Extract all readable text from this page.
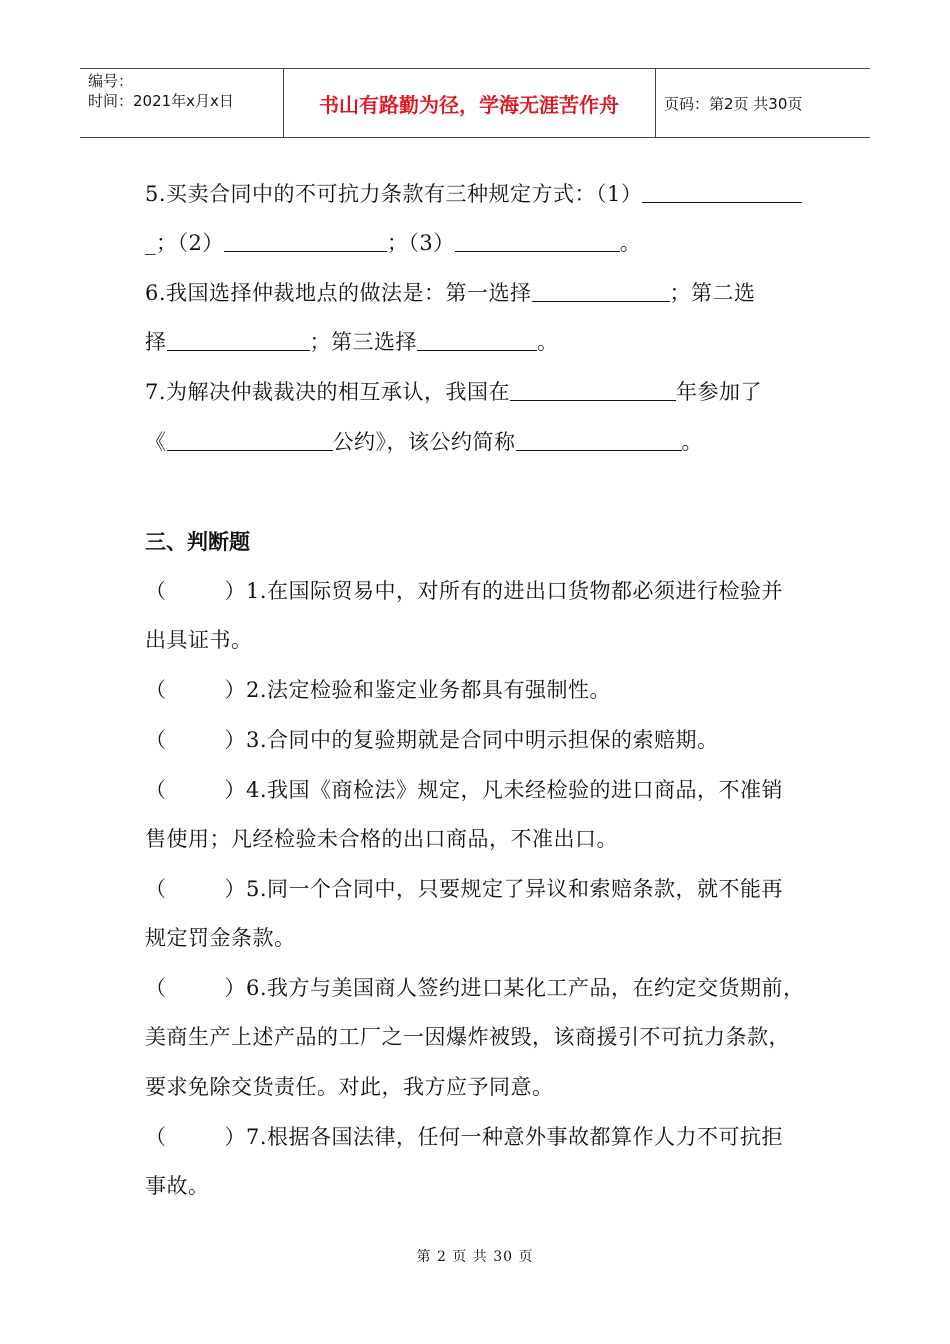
编号：
时间：2021年x月x日	书山有路勤为径，学海无涯苦作舟	页码：第2页 共30页
5.买卖合同中的不可抗力条款有三种规定方式：（1）
_；（2）	；（3）	。
6.我国选择仲裁地点的做法是：第一选择	；第二选
择	；第三选择	。
7.为解决仲裁裁决的相互承认，我国在	年参加了
《	公约》，该公约简称	。
三、判断题
（	）1.在国际贸易中，对所有的进出口货物都必须进行检验并
出具证书。
（	）2.法定检验和鉴定业务都具有强制性。
（	）3.合同中的复验期就是合同中明示担保的索赔期。
（	）4.我国《商检法》规定，凡未经检验的进口商品，不准销
售使用；凡经检验未合格的出口商品，不准出口。
（	）5.同一个合同中，只要规定了异议和索赔条款，就不能再
规定罚金条款。
（	）6.我方与美国商人签约进口某化工产品，在约定交货期前，
美商生产上述产品的工厂之一因爆炸被毁，该商援引不可抗力条款，
要求免除交货责任。对此，我方应予同意。
（	）7.根据各国法律，任何一种意外事故都算作人力不可抗拒
事故。
第 2 页 共 30 页
